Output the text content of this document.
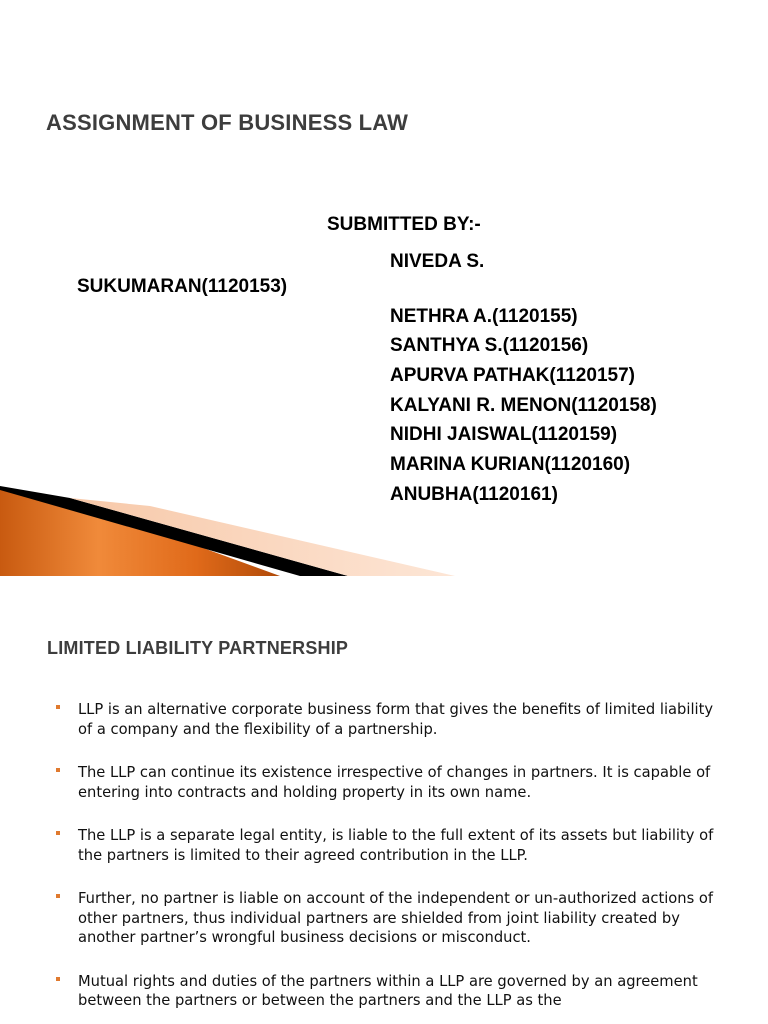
ASSIGNMENT OF BUSINESS LAW
SUBMITTED BY:-
NIVEDA S.
SUKUMARAN(1120153)
NETHRA A.(1120155)
SANTHYA S.(1120156)
APURVA PATHAK(1120157)
KALYANI R. MENON(1120158)
NIDHI JAISWAL(1120159)
MARINA KURIAN(1120160)
ANUBHA(1120161)
LIMITED LIABILITY PARTNERSHIP
LLP is an alternative corporate business form that gives the benefits of limited liability of a company and the flexibility of a partnership.
The LLP can continue its existence irrespective of changes in partners. It is capable of entering into contracts and holding property in its own name.
The LLP is a separate legal entity, is liable to the full extent of its assets but liability of the partners is limited to their agreed contribution in the LLP.
Further, no partner is liable on account of the independent or un-authorized actions of other partners, thus individual partners are shielded from joint liability created by another partner’s wrongful business decisions or misconduct.
Mutual rights and duties of the partners within a LLP are governed by an agreement between the partners or between the partners and the LLP as the
